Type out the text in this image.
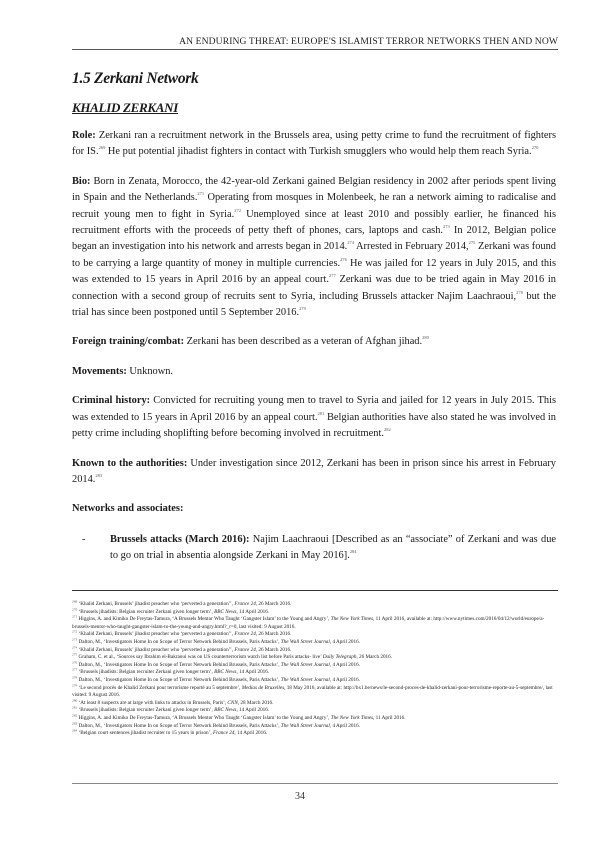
AN ENDURING THREAT: EUROPE'S ISLAMIST TERROR NETWORKS THEN AND NOW
1.5 Zerkani Network
KHALID ZERKANI

Role: Zerkani ran a recruitment network in the Brussels area, using petty crime to fund the recruitment of fighters for IS.$^{269}$ He put potential jihadist fighters in contact with Turkish smugglers who would help them reach Syria.$^{270}$

Bio: Born in Zenata, Morocco, the 42-year-old Zerkani gained Belgian residency in 2002 after periods spent living in Spain and the Netherlands.$^{271}$ Operating from mosques in Molenbeek, he ran a network aiming to radicalise and recruit young men to fight in Syria.$^{272}$ Unemployed since at least 2010 and possibly earlier, he financed his recruitment efforts with the proceeds of petty theft of phones, cars, laptops and cash.$^{273}$ In 2012, Belgian police began an investigation into his network and arrests began in 2014.$^{274}$ Arrested in February 2014,$^{275}$ Zerkani was found to be carrying a large quantity of money in multiple currencies.$^{276}$ He was jailed for 12 years in July 2015, and this was extended to 15 years in April 2016 by an appeal court.$^{277}$ Zerkani was due to be tried again in May 2016 in connection with a second group of recruits sent to Syria, including Brussels attacker Najim Laachraoui,$^{278}$ but the trial has since been postponed until 5 September 2016.$^{279}$

Foreign training/combat: Zerkani has been described as a veteran of Afghan jihad.$^{280}$

Movements: Unknown.

Criminal history: Convicted for recruiting young men to travel to Syria and jailed for 12 years in July 2015. This was extended to 15 years in April 2016 by an appeal court.$^{281}$ Belgian authorities have also stated he was involved in petty crime including shoplifting before becoming involved in recruitment.$^{282}$

Known to the authorities: Under investigation since 2012, Zerkani has been in prison since his arrest in February 2014.$^{283}$

Networks and associates:

-	Brussels attacks (March 2016): Najim Laachraoui [Described as an “associate” of Zerkani and was due to go on trial in absentia alongside Zerkani in May 2016].$^{284}$
$^{269}$ ‘Khalid Zerkani, Brussels’ jihadist preacher who ‘perverted a generation’’, France 24, 26 March 2016.
$^{270}$ ‘Brussels jihadists: Belgian recruiter Zerkani given longer term’, BBC News, 14 April 2016.
$^{271}$ Higgins, A. and Kimiko De Freytas-Tamura, ‘A Brussels Mentor Who Taught ‘Gangster Islam’ to the Young and Angry’, The New York Times, 11 April 2016, available at: http://www.nytimes.com/2016/04/12/world/europe/a-brussels-mentor-who-taught-gangster-islam-to-the-young-and-angry.html?_r=0, last visited: 9 August 2016.
$^{272}$ ‘Khalid Zerkani, Brussels’ jihadist preacher who ‘perverted a generation’’, France 24, 26 March 2016.
$^{273}$ Dalton, M., ‘Investigators Home In on Scope of Terror Network Behind Brussels, Paris Attacks’, The Wall Street Journal, 4 April 2016.
$^{274}$ ‘Khalid Zerkani, Brussels’ jihadist preacher who ‘perverted a generation’’, France 24, 26 March 2016.
$^{275}$ Graham, C. et al., ‘Sources say Ibrahim el-Bakraoui was on US counterterrorism watch list before Paris attacks- live’ Daily Telegraph, 26 March 2016.
$^{276}$ Dalton, M., ‘Investigators Home In on Scope of Terror Network Behind Brussels, Paris Attacks’, The Wall Street Journal, 4 April 2016.
$^{277}$ ‘Brussels jihadists: Belgian recruiter Zerkani given longer term’, BBC News, 14 April 2016.
$^{278}$ Dalton, M., ‘Investigators Home In on Scope of Terror Network Behind Brussels, Paris Attacks’, The Wall Street Journal, 4 April 2016.
$^{279}$ ‘Le second procès de Khalid Zerkani pour terrorisme reporté au 5 septembre’, Medias de Bruxelles, 18 May 2016, available at: http://bx1.be/news/le-second-proces-de-khalid-zerkani-pour-terrorisme-reporte-au-5-septembre/, last visited: 9 August 2016.
$^{280}$ ‘At least 8 suspects are at large with links to attacks in Brussels, Paris’, CNN, 28 March 2016.
$^{281}$ ‘Brussels jihadists: Belgian recruiter Zerkani given longer term’, BBC News, 14 April 2016.
$^{282}$ Higgins, A. and Kimiko De Freytas-Tamura, ‘A Brussels Mentor Who Taught ‘Gangster Islam’ to the Young and Angry’, The New York Times, 11 April 2016.
$^{283}$ Dalton, M., ‘Investigators Home In on Scope of Terror Network Behind Brussels, Paris Attacks’, The Wall Street Journal, 4 April 2016.
$^{284}$ ‘Belgian court sentences jihadist recruiter to 15 years in prison’, France 24, 14 April 2016.
34
